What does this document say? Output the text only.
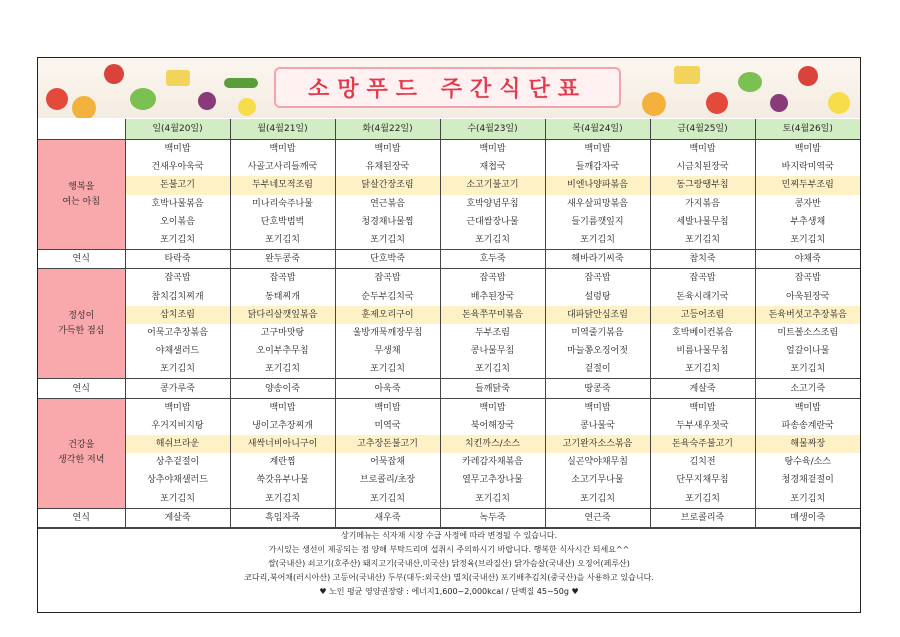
소망푸드 주간식단표
	일(4월20일)	월(4월21일)	화(4월22일)	수(4월23일)	목(4월24일)	금(4월25일)	토(4월26일)
행복을
여는 아침	백미밥	백미밥	백미밥	백미밥	백미밥	백미밥	백미밥
	건새우아욱국	사골고사리들깨국	유채된장국	재첩국	들깨감자국	시금치된장국	바지락미역국
	돈불고기	두부네모적조림	닭살간장조림	소고기불고기	비엔나양파볶음	동그랑땡부침	민찌두부조림
	호박나물볶음	미나리숙주나물	연근볶음	호박양념무침	새우살피망볶음	가지볶음	콩자반
	오이볶음	단호박범벅	청경채나물찜	근대쌈장나물	들기름깻잎지	세발나물무침	부추생채
	포기김치	포기김치	포기김치	포기김치	포기김치	포기김치	포기김치
연식	타락죽	완두콩죽	단호박죽	호두죽	해바라기씨죽	참치죽	야채죽
정성이
가득한 점심	잡곡밥	잡곡밥	잡곡밥	잡곡밥	잡곡밥	잡곡밥	잡곡밥
	참치김치찌개	동태찌개	순두부김치국	배추된장국	설렁탕	돈육시래기국	아욱된장국
	삼치조림	닭다리살깻잎볶음	훈제오리구이	돈육쭈꾸미볶음	대파닭안심조림	고등어조림	돈육버섯고추장볶음
	어묵고추장볶음	고구마맛탕	울방개묵깨장무침	두부조림	미역줄기볶음	호박베이컨볶음	미트볼소스조림
	야채샐러드	오이부추무침	무생채	콩나물무침	마늘쫑오징어젓	비름나물무침	얼갈이나물
	포기김치	포기김치	포기김치	포기김치	겉절이	포기김치	포기김치
연식	콩가루죽	양송이죽	아욱죽	들깨닭죽	땅콩죽	게살죽	소고기죽
건강을
생각한 저녁	백미밥	백미밥	백미밥	백미밥	백미밥	백미밥	백미밥
	우거지비지탕	냉이고추장찌개	미역국	북어해장국	콩나물국	두부새우젓국	파송송계란국
	해쉬브라운	새싹너비아니구이	고추장돈불고기	치킨까스/소스	고기완자소스볶음	돈육숙주불고기	해물짜장
	상추겉절이	계란찜	어묵잡채	카레감자채볶음	실곤약야채무침	김치전	탕수육/소스
	상추야채샐러드	쑥갓유부나물	브로콜리/초장	열무고추장나물	소고기무나물	단무지채무침	청경채겉절이
	포기김치	포기김치	포기김치	포기김치	포기김치	포기김치	포기김치
연식	게살죽	흑임자죽	새우죽	녹두죽	연근죽	브로콜리죽	매생이죽
상기메뉴는 식자재 시장 수급 사정에 따라 변경될 수 있습니다.
가시있는 생선이 제공되는 점 양해 부탁드리며 섭취시 주의하시기 바랍니다. 행복한 식사시간 되세요^^
쌀(국내산) 쇠고기(호주산) 돼지고기(국내산,미국산) 닭정육(브라질산) 닭가슴살(국내산) 오징어(페루산)
코다리,북어채(러시아산) 고등어(국내산) 두부(대두:외국산) 멸치(국내산) 포기배추김치(중국산)을 사용하고 있습니다.
♥ 노인 평균 영양권장량 : 에너지1,600~2,000kcal / 단백질 45~50g ♥
